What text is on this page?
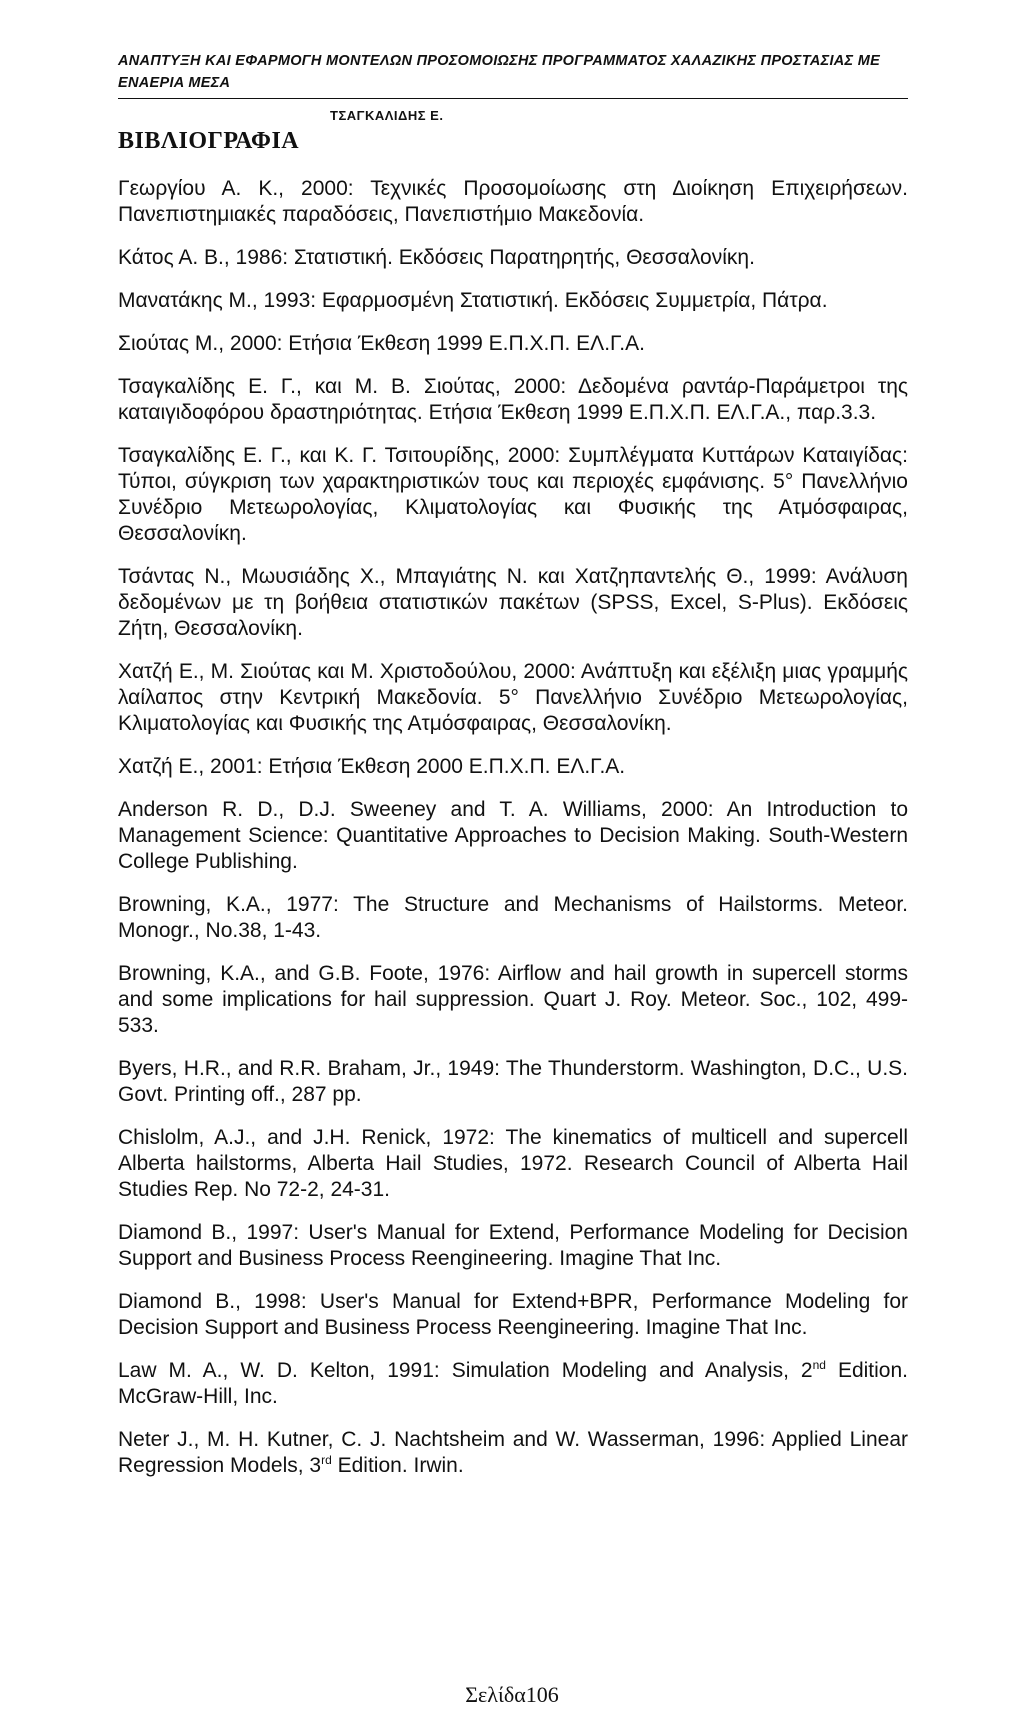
ΑΝΑΠΤΥΞΗ ΚΑΙ ΕΦΑΡΜΟΓΗ ΜΟΝΤΕΛΩΝ ΠΡΟΣΟΜΟΙΩΣΗΣ ΠΡΟΓΡΑΜΜΑΤΟΣ ΧΑΛΑΖΙΚΗΣ ΠΡΟΣΤΑΣΙΑΣ ΜΕ ΕΝΑΕΡΙΑ ΜΕΣΑ

ΤΣΑΓΚΑΛΙΔΗΣ Ε.
ΒΙΒΛΙΟΓΡΑΦΙΑ
Γεωργίου Α. Κ., 2000: Τεχνικές Προσομοίωσης στη Διοίκηση Επιχειρήσεων. Πανεπιστημιακές παραδόσεις, Πανεπιστήμιο Μακεδονία.
Κάτος Α. Β., 1986: Στατιστική. Εκδόσεις Παρατηρητής, Θεσσαλονίκη.
Μανατάκης Μ., 1993: Εφαρμοσμένη Στατιστική. Εκδόσεις Συμμετρία, Πάτρα.
Σιούτας Μ., 2000: Ετήσια Έκθεση 1999 Ε.Π.Χ.Π. ΕΛ.Γ.Α.
Τσαγκαλίδης Ε. Γ., και Μ. Β. Σιούτας, 2000: Δεδομένα ραντάρ-Παράμετροι της καταιγιδοφόρου δραστηριότητας. Ετήσια Έκθεση 1999 Ε.Π.Χ.Π. ΕΛ.Γ.Α., παρ.3.3.
Τσαγκαλίδης Ε. Γ., και Κ. Γ. Τσιτουρίδης, 2000: Συμπλέγματα Κυττάρων Καταιγίδας: Τύποι, σύγκριση των χαρακτηριστικών τους και περιοχές εμφάνισης. 5° Πανελλήνιο Συνέδριο Μετεωρολογίας, Κλιματολογίας και Φυσικής της Ατμόσφαιρας, Θεσσαλονίκη.
Τσάντας Ν., Μωυσιάδης Χ., Μπαγιάτης Ν. και Χατζηπαντελής Θ., 1999: Ανάλυση δεδομένων με τη βοήθεια στατιστικών πακέτων (SPSS, Excel, S-Plus). Εκδόσεις Ζήτη, Θεσσαλονίκη.
Χατζή Ε., Μ. Σιούτας και Μ. Χριστοδούλου, 2000: Ανάπτυξη και εξέλιξη μιας γραμμής λαίλαπος στην Κεντρική Μακεδονία. 5° Πανελλήνιο Συνέδριο Μετεωρολογίας, Κλιματολογίας και Φυσικής της Ατμόσφαιρας, Θεσσαλονίκη.
Χατζή Ε., 2001: Ετήσια Έκθεση 2000 Ε.Π.Χ.Π. ΕΛ.Γ.Α.
Anderson R. D., D.J. Sweeney and T. A. Williams, 2000: An Introduction to Management Science: Quantitative Approaches to Decision Making. South-Western College Publishing.
Browning, K.A., 1977: The Structure and Mechanisms of Hailstorms. Meteor. Monogr., No.38, 1-43.
Browning, K.A., and G.B. Foote, 1976: Airflow and hail growth in supercell storms and some implications for hail suppression. Quart J. Roy. Meteor. Soc., 102, 499-533.
Byers, H.R., and R.R. Braham, Jr., 1949: The Thunderstorm. Washington, D.C., U.S. Govt. Printing off., 287 pp.
Chislolm, A.J., and J.H. Renick, 1972: The kinematics of multicell and supercell Alberta hailstorms, Alberta Hail Studies, 1972. Research Council of Alberta Hail Studies Rep. No 72-2, 24-31.
Diamond B., 1997: User's Manual for Extend, Performance Modeling for Decision Support and Business Process Reengineering. Imagine That Inc.
Diamond B., 1998: User's Manual for Extend+BPR, Performance Modeling for Decision Support and Business Process Reengineering. Imagine That Inc.
Law M. A., W. D. Kelton, 1991: Simulation Modeling and Analysis, 2nd Edition. McGraw-Hill, Inc.
Neter J., M. H. Kutner, C. J. Nachtsheim and W. Wasserman, 1996: Applied Linear Regression Models, 3rd Edition. Irwin.
Σελίδα106
